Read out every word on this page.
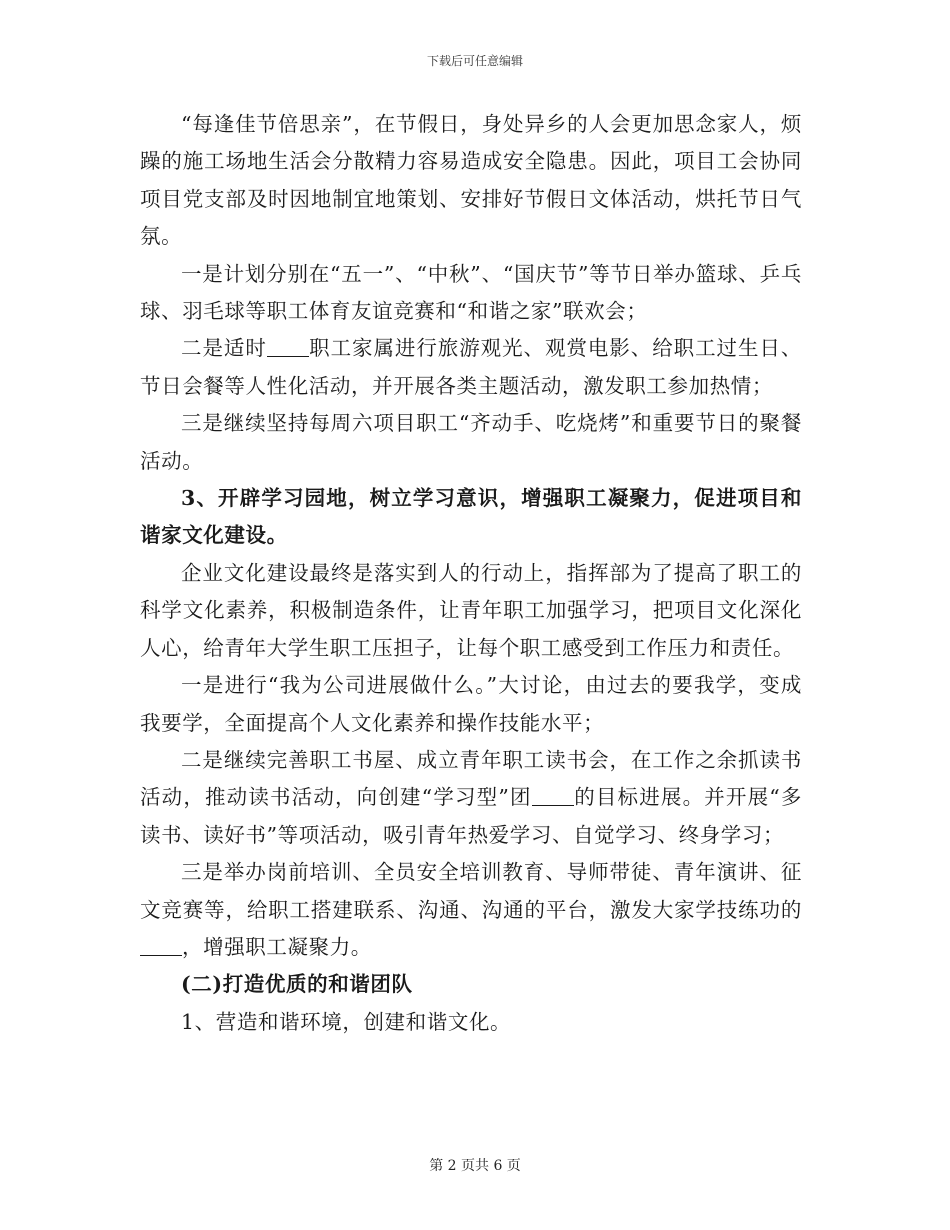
下载后可任意编辑

“每逢佳节倍思亲”，在节假日，身处异乡的人会更加思念家人，烦躁的施工场地生活会分散精力容易造成安全隐患。因此，项目工会协同项目党支部及时因地制宜地策划、安排好节假日文体活动，烘托节日气氛。

一是计划分别在“五一”、“中秋”、“国庆节”等节日举办篮球、乒乓球、羽毛球等职工体育友谊竞赛和“和谐之家”联欢会；

二是适时 职工家属进行旅游观光、观赏电影、给职工过生日、节日会餐等人性化活动，并开展各类主题活动，激发职工参加热情；

三是继续坚持每周六项目职工“齐动手、吃烧烤”和重要节日的聚餐活动。

3、开辟学习园地，树立学习意识，增强职工凝聚力，促进项目和谐家文化建设。

企业文化建设最终是落实到人的行动上，指挥部为了提高了职工的科学文化素养，积极制造条件，让青年职工加强学习，把项目文化深化人心，给青年大学生职工压担子，让每个职工感受到工作压力和责任。

一是进行“我为公司进展做什么。”大讨论，由过去的要我学，变成我要学，全面提高个人文化素养和操作技能水平；

二是继续完善职工书屋、成立青年职工读书会，在工作之余抓读书活动，推动读书活动，向创建“学习型”团 的目标进展。并开展“多读书、读好书”等项活动，吸引青年热爱学习、自觉学习、终身学习；

三是举办岗前培训、全员安全培训教育、导师带徒、青年演讲、征文竞赛等，给职工搭建联系、沟通、沟通的平台，激发大家学技练功的，增强职工凝聚力。

(二)打造优质的和谐团队

1、营造和谐环境，创建和谐文化。

第 2 页共 6 页
